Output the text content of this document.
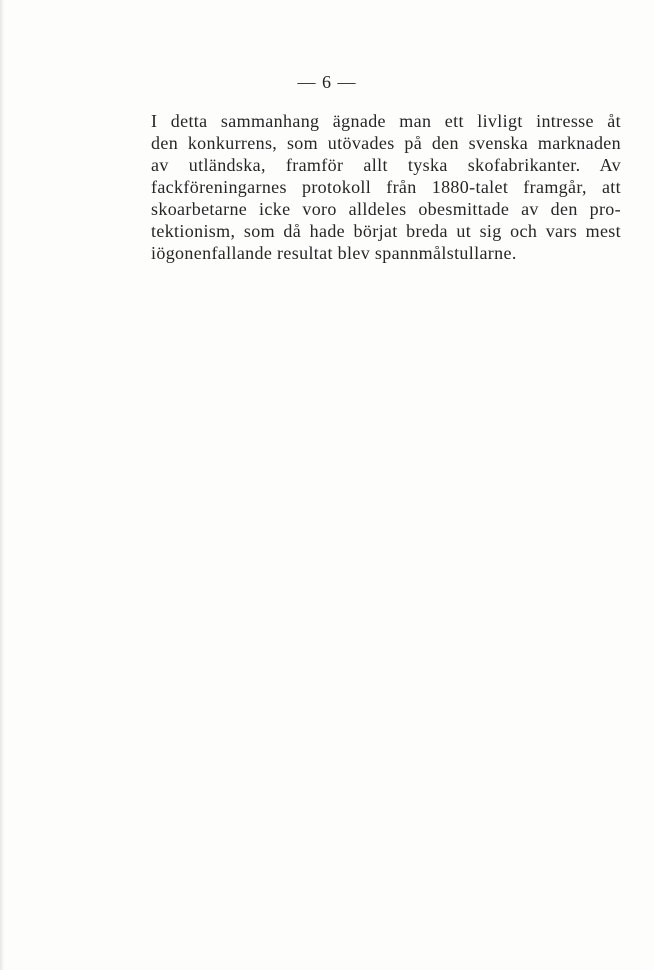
— 6 —
I detta sammanhang ägnade man ett livligt intresse åt
den konkurrens, som utövades på den svenska marknaden
av utländska, framför allt tyska skofabrikanter. Av
fackföreningarnes protokoll från 1880-talet framgår, att
skoarbetarne icke voro alldeles obesmittade av den pro-
tektionism, som då hade börjat breda ut sig och vars mest
iögonenfallande resultat blev spannmålstullarne.
